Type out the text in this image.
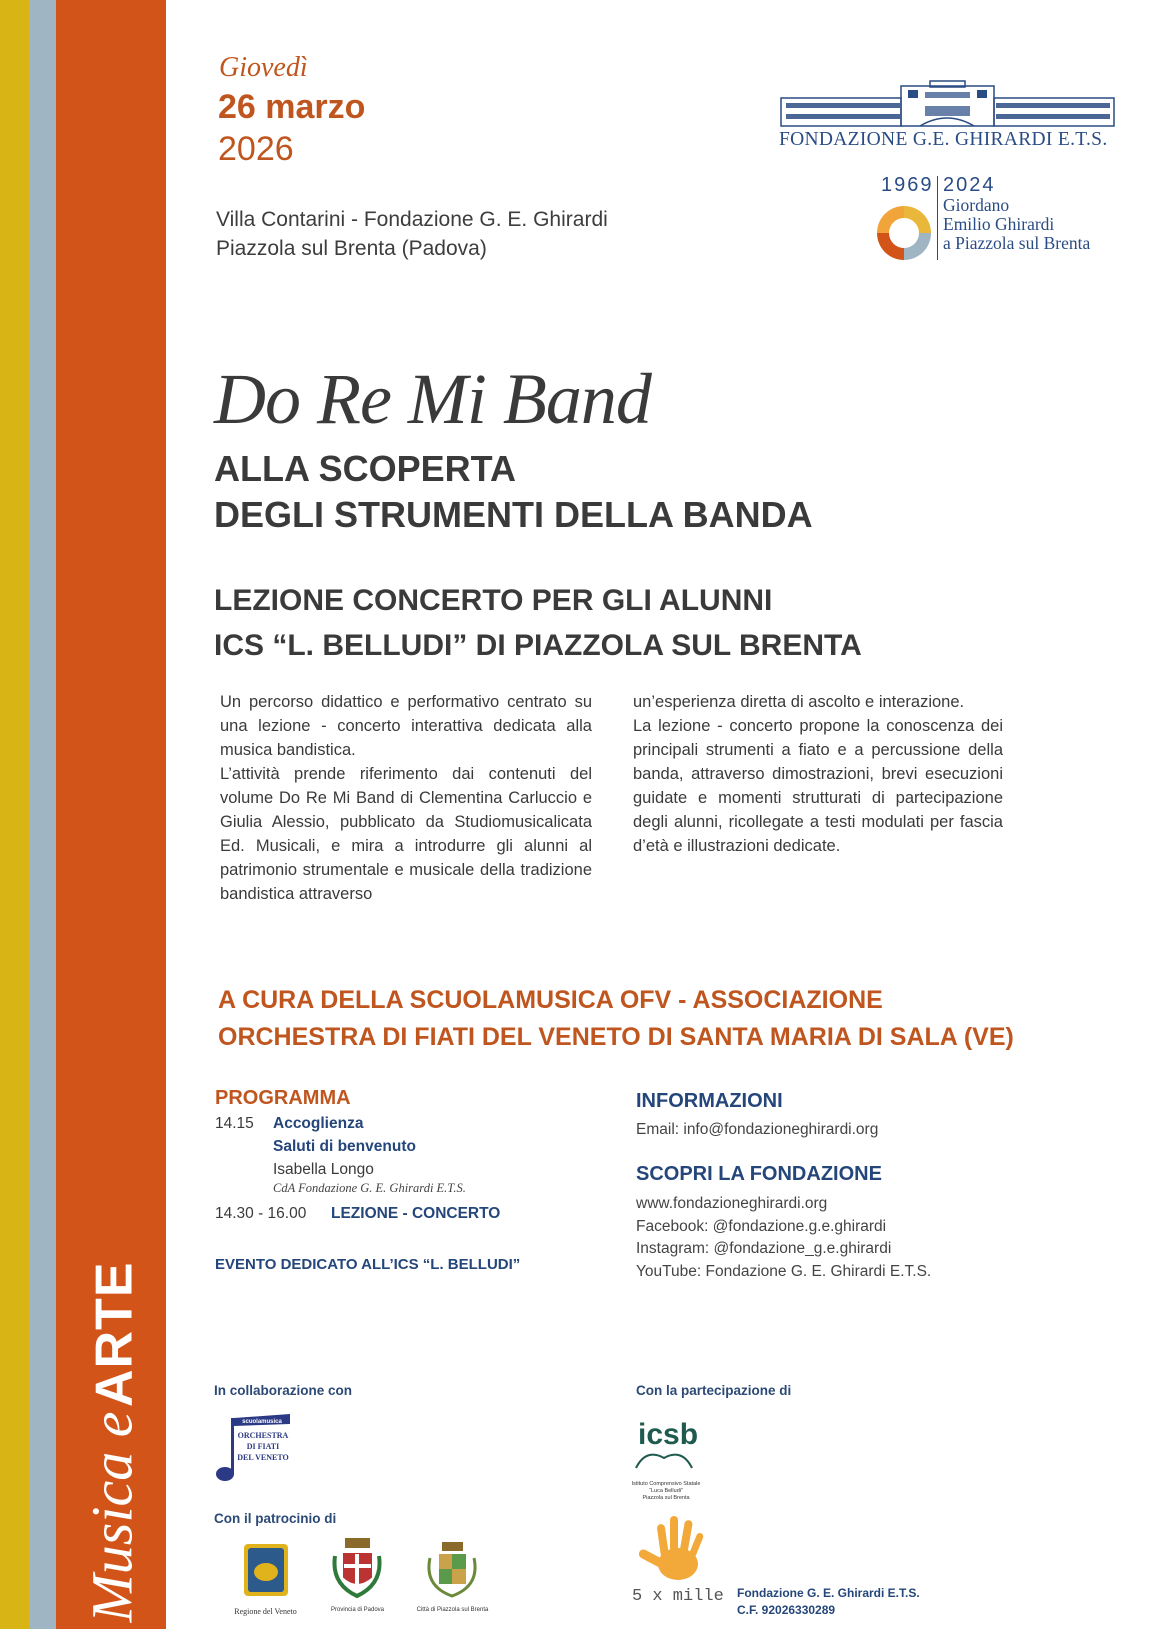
Musica e ARTE
Giovedì
26 marzo
2026
Villa Contarini - Fondazione G. E. Ghirardi
Piazzola sul Brenta (Padova)
FONDAZIONE G.E. GHIRARDI E.T.S.
1969 2024
Giordano
Emilio Ghirardi
a Piazzola sul Brenta
Do Re Mi Band
ALLA SCOPERTA
DEGLI STRUMENTI DELLA BANDA
LEZIONE CONCERTO PER GLI ALUNNI
ICS “L. BELLUDI” DI PIAZZOLA SUL BRENTA

Un percorso didattico e performativo centrato su una lezione - concerto interattiva dedicata alla musica bandistica.

L’attività prende riferimento dai contenuti del volume Do Re Mi Band di Clementina Carluccio e Giulia Alessio, pubblicato da Studiomusicalicata Ed. Musicali, e mira a introdurre gli alunni al patrimonio strumentale e musicale della tradizione bandistica attraverso

un’esperienza diretta di ascolto e interazione.

La lezione - concerto propone la conoscenza dei principali strumenti a fiato e a percussione della banda, attraverso dimostrazioni, brevi esecuzioni guidate e momenti strutturati di partecipazione degli alunni, ricollegate a testi modulati per fascia d’età e illustrazioni dedicate.

A CURA DELLA SCUOLAMUSICA OFV - ASSOCIAZIONE
ORCHESTRA DI FIATI DEL VENETO DI SANTA MARIA DI SALA (VE)
PROGRAMMA
14.15 Accoglienza
Saluti di benvenuto
Isabella Longo
CdA Fondazione G. E. Ghirardi E.T.S.
14.30 - 16.00 LEZIONE - CONCERTO
EVENTO DEDICATO ALL’ICS “L. BELLUDI”
INFORMAZIONI
Email: info@fondazioneghirardi.org
SCOPRI LA FONDAZIONE
www.fondazioneghirardi.org
Facebook: @fondazione.g.e.ghirardi
Instagram: @fondazione_g.e.ghirardi
YouTube: Fondazione G. E. Ghirardi E.T.S.
In collaborazione con
scuolamusica
ORCHESTRA
DI FIATI
DEL VENETO
Con la partecipazione di
icsb
Istituto Comprensivo Statale
“Luca Belludi”
Piazzola sul Brenta
Con il patrocinio di
Regione del Veneto	Provincia di Padova	Città di Piazzola sul Brenta
5 x mille	Fondazione G. E. Ghirardi E.T.S.
C.F. 92026330289
